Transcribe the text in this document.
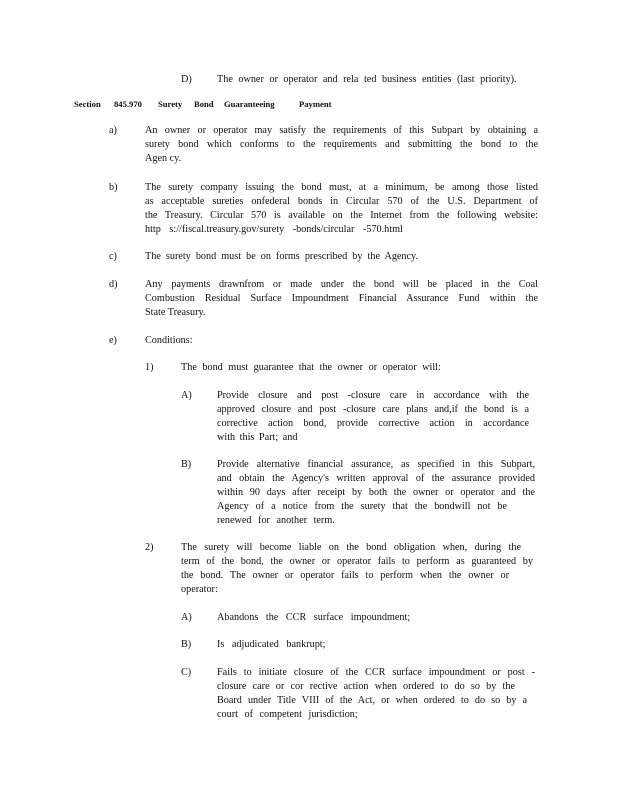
D) The owner or operator and rela ted business entities (last priority).
Section 845.970 Surety Bond Guaranteeing	Payment
a)	An owner or operator may satisfy the requirements of this Subpart by obtaining a
surety bond which conforms to the requirements and submitting the bond to the
Agen cy.
b)	The surety company issuing the bond must, at a minimum, be among those listed
as acceptable sureties onfederal bonds in Circular 570 of the U.S. Department of
the Treasury. Circular 570 is available on the Internet from the following website:
http s://fiscal.treasury.gov/surety -bonds/circular -570.html
c)	The surety bond must be on forms prescribed by the Agency.
d)	Any payments drawnfrom or made under the bond will be placed in the Coal
Combustion Residual Surface Impoundment Financial Assurance Fund within the
State Treasury.
e)	Conditions:
1)	The bond must guarantee that the owner or operator will:
A) Provide closure and post -closure care in accordance with the
approved closure and post -closure care plans and,if the bond is a
corrective action bond, provide corrective action in accordance
with this Part; and
B)	Provide alternative financial assurance, as specified in this Subpart,
and obtain the Agency's written approval of the assurance provided
within 90 days after receipt by both the owner or operator and the
Agency of a notice from the surety that the bondwill not be
renewed for another term.
2)	The surety will become liable on the bond obligation when, during the
term of the bond, the owner or operator fails to perform as guaranteed by
the bond. The owner or operator fails to perform when the owner or
operator:
A) Abandons the CCR surface impoundment;
B)	Is adjudicated bankrupt;
C)	Fails to initiate closure of the CCR surface impoundment or post -
closure care or cor rective action when ordered to do so by the
Board under Title VIII of the Act, or when ordered to do so by a
court of competent jurisdiction;
